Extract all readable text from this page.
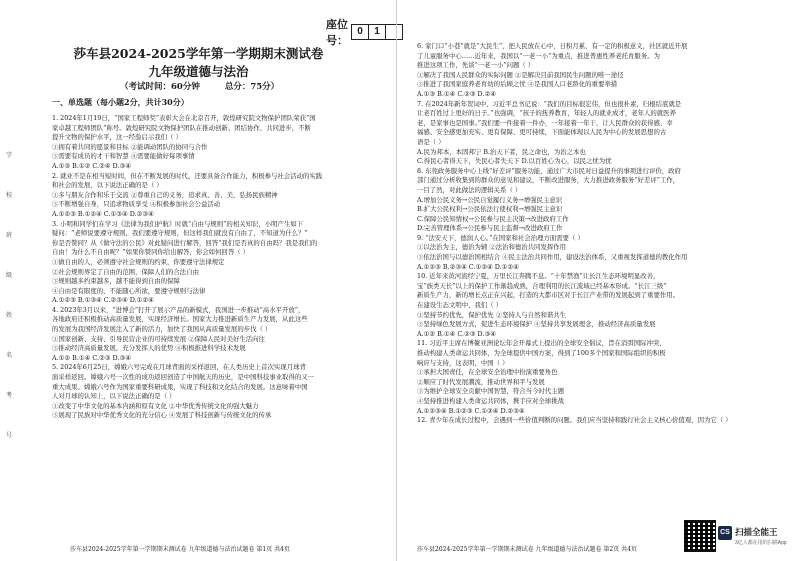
座位号：
0	1
莎车县2024-2025学年第一学期期末测试卷
九年级道德与法治
（考试时间：60分钟	总分：75分）
一、单选题（每小题2分，共计30分）
1. 2024年1月19日，“国家工程师奖”表彰大会在北京召开，敦煌研究院文物保护团队荣获“国
家卓越工程师团队”称号。敦煌研究院文物保护团队在推动创新、团结协作、共同进步，不断
提升文物的保护水平，这一经验启示我们（ ）
①拥有着共同的愿景和目标 ②能调动团队的协同与合作
③需要有成员的才干和智慧 ④需要能做好每项事情
A.①③ B.①② C.②④ D.③④
2. 就业不是在相当短时间，但在不断发展的时代，还要具备合作能力，积极参与社会活动的实践
和社会的发展，以下说法正确的是（ ）
①多与朋友合作和乐于交流 ②尊重自己的义务，追求真、善、美，弘扬民族精神
③不断增强自身，只追求物质享受 ④积极参加社会公益活动
A.①②③ B.①②④ C.①③④ D.②③④
3. 小明和同学们在学习《法律为我们护航》时就“自由与规则”的相关知识，小明产生如下
疑问：“老师说要遵守规则，我们要遵守规则，但这样我们就没有自由了，不知道为什么？”
你是否赞同？从《做守法的公民》对此疑问进行解答，回答“我们是否真的自由吗？我是我们的
自由！为什么不自由呢？”如果你赞同你给出解答，你会如何回答（ ）
①做自由的人，必须遵守社会规则的约束，你要遵守法律规定
②社会规则界定了自由的范围，保障人们的合法自由
③规则越多约束越多，越不能得到自由的保障
④自由是有限度的，不能随心所欲，要遵守规则与法律
A.①②③ B.①③④ C.②③④ D.①②④
4. 2023年3月以来，“进博会”打开了展示产品的新模式，我国进一步推动“高水平开放”，
各地政府还积极推动高质量发展，实现经济增长。国家大力推进新质生产力发展，从此这些
的发展为我国经济发展注入了新的活力，加快了我国从高质量发展的步伐（ ）
①国家创新、支持、引导民营企业的可持续发展 ②保障人民对美好生活向往
③推动经济高质量发展，充分发挥人的优势 ④积极推进科学技术发展
A.①② B.①④ C.②③ D.③④
5. 2024年6月25日，嫦娥六号完成在月球背面的采样返回，在人类历史上首次实现月球背
面采样返回。嫦娥六号一次性的成功返回创造了中国航天的历史，是中国科技事业取得的又一
重大成果。嫦娥六号作为国家重要科研成果，实现了科技和文化结合的发展。这意味着中国
人对月球的认知上，以下说法正确的是（ ）
①改变了中华文化的基本内涵和原有文化 ②中华优秀传统文化的强大魅力
③展现了民族对中华优秀文化的充分信心 ④发展了科技创新与传统文化的传承
莎车县2024-2025学年第一学期期末测试卷 九年级道德与法治试题卷 第1页 共4页
6. 家门口“小巷”就是“大民生”，把人民放在心中，日积月累，有一定的积极意义，社区就近开展
了儿童服务中心……近年来，我国以“一老一小”为重点，推进普惠性养老托育服务。为
推进这项工作，先谈“一老一小”问题（ ）
①解决了我国人民群众的实际问题 ②是解决目前我国民生问题的唯一途径
③推进了我国家庭养老育幼的后顾之忧 ④是我国人口老龄化的重要举措
A.①③ B.①④ C.②③ D.②④
7. 在2024年新年贺词中，习近平总书记说：“我们的目标很宏伟，但也很朴素，归根结底就是
让老百姓过上更好的日子。”也强调，“孩子的抚养教育，年轻人的就业成才，老年人的就医养
老，是家事也是国事。”我们要一件接着一件办，一年接着一年干，让人民群众的获得感、幸
福感、安全感更加充实、更有保障、更可持续，下面能体现以人民为中心的发展思想的古
语是（ ）
A.民为邦本，本固邦宁 B.治天下者，民之命也，为治之本也
C.得民心者得天下，失民心者失天下 D.以百姓心为心，以民之忧为忧
8. 东莞政务服务中心上线“好差评”服务功能，通过广大市民对日益提升的事项进行评价，政府
部门通过分析收集到的群众的意见和建议，不断改进服务，大力推进政务服务“好差评”工作，
一目了然，对此做法的逻辑关系（ ）
A.增加公民义务→公民自觉履行义务→增强民主意识
B.扩大公民权利→公民依法行使权利→增强民主意识
C.保障公民知情权→公民参与民主决策→改进政府工作
D.完善管理体系→公民参与民主监督→改进政府工作
9. “法安天下，德润人心。”在国家和社会治理方面需要（ ）
①以法治为主，德治为辅 ②法治和德治共同发挥作用
③依法治国与以德治国相结合 ④民主法治共同作用，建设法治体系，又重视发挥道德的教化作用
A.①②③ B.②③④ C.①③④ D.①②④
10. 近年来黄河流经宁夏，万里长江奔腾不息。“十年禁渔”让长江生态环境明显改善，
宝“族类天长”以上的保护工作渐趋成熟，合理利用的长江流域已经基本形成。“长江三级”
新质生产力，新的增长点正在兴起，打造的大都市区对于长江产业带的发展起到了重要作用。
在建设生态文明中，我们（ ）
①坚持节约优先，保护优先 ②坚持人与自然和谐共生
③坚持绿色发展方式，促进生态环境保护 ④坚持共享发展理念，推动经济高质量发展
A.①② B.①④ C.②③ D.③④
11. 习近平主席在博鳌亚洲论坛年会开幕式上提出的全球安全倡议，旨在消弭国际冲突，
推动构建人类命运共同体，为全球提供中国方案，得到了100多个国家和国际组织的积极
响应与支持，这表明，中国（ ）
①承担大国责任，在全球安全治理中扮演重要角色
②顺应了时代发展潮流，推动世界和平与发展
③为维护全球安全贡献中国智慧，符合当今时代主题
④坚持推进构建人类命运共同体，携手应对全球挑战
A.①②③④ B.①②③ C.①③④ D.②③④
12. 青少年在成长过程中，会遇到一些价值判断的问题。我们应当坚持和践行社会主义核心价值观，因为它（ ）
莎车县2024-2025学年第一学期期末测试卷 九年级道德与法治试题卷 第2页 共4页
学
校
班
级
姓
名
考
号
CS 扫描全能王
3亿人都在用的扫描App
